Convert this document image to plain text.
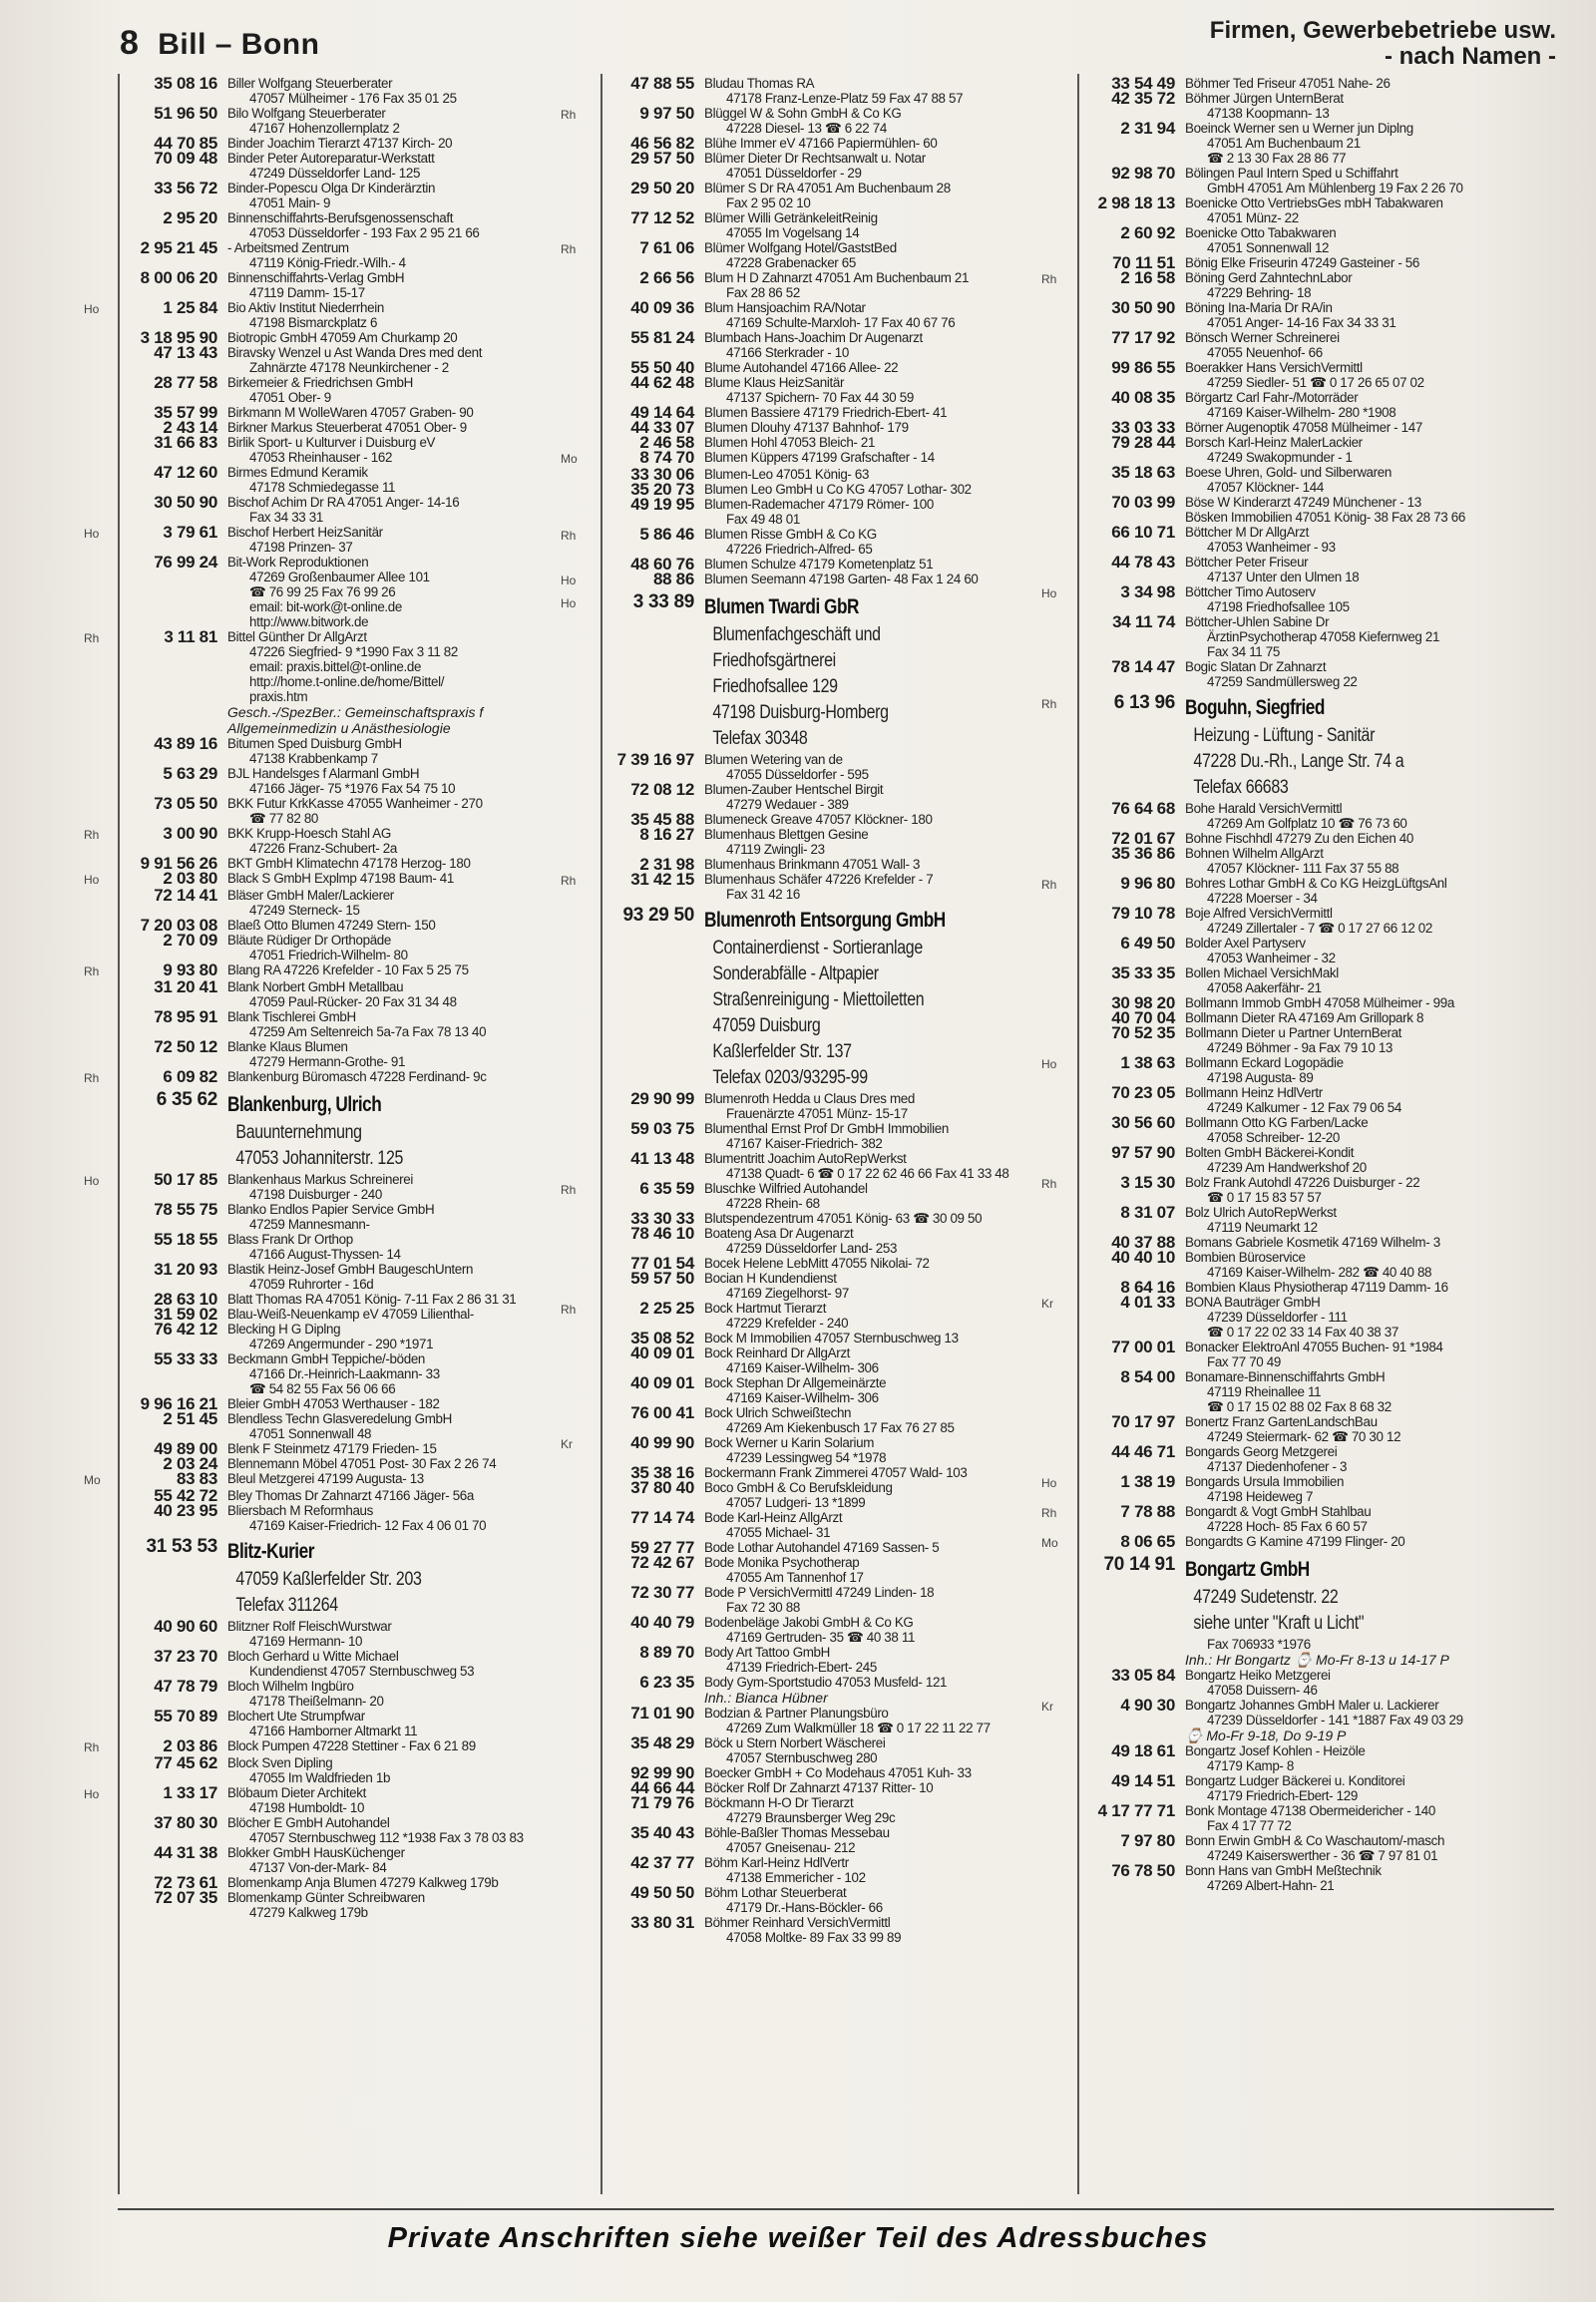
8 Bill – Bonn	Firmen, Gewerbebetriebe usw.
- nach Namen -
35 08 16 Biller Wolfgang Steuerberater
47057 Mülheimer - 176 Fax 35 01 25
51 96 50 Bilo Wolfgang Steuerberater
47167 Hohenzollernplatz 2
44 70 85 Binder Joachim Tierarzt 47137 Kirch- 20
70 09 48 Binder Peter Autoreparatur-Werkstatt
47249 Düsseldorfer Land- 125
33 56 72 Binder-Popescu Olga Dr Kinderärztin
47051 Main- 9
2 95 20 Binnenschiffahrts-Berufsgenossenschaft
47053 Düsseldorfer - 193 Fax 2 95 21 66
2 95 21 45 - Arbeitsmed Zentrum
47119 König-Friedr.-Wilh.- 4
8 00 06 20 Binnenschiffahrts-Verlag GmbH
47119 Damm- 15-17
Ho	1 25 84 Bio Aktiv Institut Niederrhein
47198 Bismarckplatz 6
3 18 95 90 Biotropic GmbH 47059 Am Churkamp 20
47 13 43 Biravsky Wenzel u Ast Wanda Dres med dent
Zahnärzte 47178 Neunkirchener - 2
28 77 58 Birkemeier & Friedrichsen GmbH
47051 Ober- 9
35 57 99 Birkmann M WolleWaren 47057 Graben- 90
2 43 14 Birkner Markus Steuerberat 47051 Ober- 9
31 66 83 Birlik Sport- u Kulturver i Duisburg eV
47053 Rheinhauser - 162
47 12 60 Birmes Edmund Keramik
47178 Schmiedegasse 11
30 50 90 Bischof Achim Dr RA 47051 Anger- 14-16
Fax 34 33 31
Ho	3 79 61 Bischof Herbert HeizSanitär
47198 Prinzen- 37
76 99 24 Bit-Work Reproduktionen
47269 Großenbaumer Allee 101
☎ 76 99 25 Fax 76 99 26
email: bit-work@t-online.de
http://www.bitwork.de
Rh	3 11 81 Bittel Günther Dr AllgArzt
47226 Siegfried- 9 *1990 Fax 3 11 82
email: praxis.bittel@t-online.de
http://home.t-online.de/home/Bittel/
praxis.htm
Gesch.-/SpezBer.: Gemeinschaftspraxis f
Allgemeinmedizin u Anästhesiologie
43 89 16 Bitumen Sped Duisburg GmbH
47138 Krabbenkamp 7
5 63 29 BJL Handelsges f Alarmanl GmbH
47166 Jäger- 75 *1976 Fax 54 75 10
73 05 50 BKK Futur KrkKasse 47055 Wanheimer - 270
☎ 77 82 80
Rh	3 00 90 BKK Krupp-Hoesch Stahl AG
47226 Franz-Schubert- 2a
9 91 56 26 BKT GmbH Klimatechn 47178 Herzog- 180
Ho	2 03 80 Black S GmbH Explmp 47198 Baum- 41
72 14 41 Bläser GmbH Maler/Lackierer
47249 Sterneck- 15
7 20 03 08 Blaeß Otto Blumen 47249 Stern- 150
2 70 09 Bläute Rüdiger Dr Orthopäde
47051 Friedrich-Wilhelm- 80
Rh	9 93 80 Blang RA 47226 Krefelder - 10 Fax 5 25 75
31 20 41 Blank Norbert GmbH Metallbau
47059 Paul-Rücker- 20 Fax 31 34 48
78 95 91 Blank Tischlerei GmbH
47259 Am Seltenreich 5a-7a Fax 78 13 40
72 50 12 Blanke Klaus Blumen
47279 Hermann-Grothe- 91
Rh	6 09 82 Blankenburg Büromasch 47228 Ferdinand- 9c
6 35 62 Blankenburg, Ulrich
Bauunternehmung
47053 Johanniterstr. 125
Ho	50 17 85 Blankenhaus Markus Schreinerei
47198 Duisburger - 240
78 55 75 Blanko Endlos Papier Service GmbH
47259 Mannesmann-
55 18 55 Blass Frank Dr Orthop
47166 August-Thyssen- 14
31 20 93 Blastik Heinz-Josef GmbH BaugeschUntern
47059 Ruhrorter - 16d
28 63 10 Blatt Thomas RA 47051 König- 7-11 Fax 2 86 31 31
31 59 02 Blau-Weiß-Neuenkamp eV 47059 Lilienthal-
76 42 12 Blecking H G Diplng
47269 Angermunder - 290 *1971
55 33 33 Beckmann GmbH Teppiche/-böden
47166 Dr.-Heinrich-Laakmann- 33
☎ 54 82 55 Fax 56 06 66
9 96 16 21 Bleier GmbH 47053 Werthauser - 182
2 51 45 Blendless Techn Glasveredelung GmbH
47051 Sonnenwall 48
49 89 00 Blenk F Steinmetz 47179 Frieden- 15
2 03 24 Blennemann Möbel 47051 Post- 30 Fax 2 26 74
Mo	83 83 Bleul Metzgerei 47199 Augusta- 13
55 42 72 Bley Thomas Dr Zahnarzt 47166 Jäger- 56a
40 23 95 Bliersbach M Reformhaus
47169 Kaiser-Friedrich- 12 Fax 4 06 01 70
31 53 53 Blitz-Kurier
47059 Kaßlerfelder Str. 203
Telefax 311264
40 90 60 Blitzner Rolf FleischWurstwar
47169 Hermann- 10
37 23 70 Bloch Gerhard u Witte Michael
Kundendienst 47057 Sternbuschweg 53
47 78 79 Bloch Wilhelm Ingbüro
47178 Theißelmann- 20
55 70 89 Blochert Ute Strumpfwar
47166 Hamborner Altmarkt 11
Rh	2 03 86 Block Pumpen 47228 Stettiner - Fax 6 21 89
77 45 62 Block Sven Dipling
47055 Im Waldfrieden 1b
Ho	1 33 17 Blöbaum Dieter Architekt
47198 Humboldt- 10
37 80 30 Blöcher E GmbH Autohandel
47057 Sternbuschweg 112 *1938 Fax 3 78 03 83
44 31 38 Blokker GmbH HausKüchenger
47137 Von-der-Mark- 84
72 73 61 Blomenkamp Anja Blumen 47279 Kalkweg 179b
72 07 35 Blomenkamp Günter Schreibwaren
47279 Kalkweg 179b
47 88 55 Bludau Thomas RA
47178 Franz-Lenze-Platz 59 Fax 47 88 57
Rh	9 97 50 Blüggel W & Sohn GmbH & Co KG
47228 Diesel- 13 ☎ 6 22 74
46 56 82 Blühe Immer eV 47166 Papiermühlen- 60
29 57 50 Blümer Dieter Dr Rechtsanwalt u. Notar
47051 Düsseldorfer - 29
29 50 20 Blümer S Dr RA 47051 Am Buchenbaum 28
Fax 2 95 02 10
77 12 52 Blümer Willi GetränkeleitReinig
47055 Im Vogelsang 14
Rh	7 61 06 Blümer Wolfgang Hotel/GaststBed
47228 Grabenacker 65
2 66 56 Blum H D Zahnarzt 47051 Am Buchenbaum 21
Fax 28 86 52
40 09 36 Blum Hansjoachim RA/Notar
47169 Schulte-Marxloh- 17 Fax 40 67 76
55 81 24 Blumbach Hans-Joachim Dr Augenarzt
47166 Sterkrader - 10
55 50 40 Blume Autohandel 47166 Allee- 22
44 62 48 Blume Klaus HeizSanitär
47137 Spichern- 70 Fax 44 30 59
49 14 64 Blumen Bassiere 47179 Friedrich-Ebert- 41
44 33 07 Blumen Dlouhy 47137 Bahnhof- 179
2 46 58 Blumen Hohl 47053 Bleich- 21
Mo	8 74 70 Blumen Küppers 47199 Grafschafter - 14
33 30 06 Blumen-Leo 47051 König- 63
35 20 73 Blumen Leo GmbH u Co KG 47057 Lothar- 302
49 19 95 Blumen-Rademacher 47179 Römer- 100
Fax 49 48 01
Rh	5 86 46 Blumen Risse GmbH & Co KG
47226 Friedrich-Alfred- 65
48 60 76 Blumen Schulze 47179 Kometenplatz 51
Ho	88 86 Blumen Seemann 47198 Garten- 48 Fax 1 24 60
Ho	3 33 89 Blumen Twardi GbR
Blumenfachgeschäft und
Friedhofsgärtnerei
Friedhofsallee 129
47198 Duisburg-Homberg
Telefax 30348
7 39 16 97 Blumen Wetering van de
47055 Düsseldorfer - 595
72 08 12 Blumen-Zauber Hentschel Birgit
47279 Wedauer - 389
35 45 88 Blumeneck Greave 47057 Klöckner- 180
8 16 27 Blumenhaus Blettgen Gesine
47119 Zwingli- 23
2 31 98 Blumenhaus Brinkmann 47051 Wall- 3
Rh	31 42 15 Blumenhaus Schäfer 47226 Krefelder - 7
Fax 31 42 16
93 29 50 Blumenroth Entsorgung GmbH
Containerdienst - Sortieranlage
Sonderabfälle - Altpapier
Straßenreinigung - Miettoiletten
47059 Duisburg
Kaßlerfelder Str. 137
Telefax 0203/93295-99
29 90 99 Blumenroth Hedda u Claus Dres med
Frauenärzte 47051 Münz- 15-17
59 03 75 Blumenthal Ernst Prof Dr GmbH Immobilien
47167 Kaiser-Friedrich- 382
41 13 48 Blumentritt Joachim AutoRepWerkst
47138 Quadt- 6 ☎ 0 17 22 62 46 66 Fax 41 33 48
Rh	6 35 59 Bluschke Wilfried Autohandel
47228 Rhein- 68
33 30 33 Blutspendezentrum 47051 König- 63 ☎ 30 09 50
78 46 10 Boateng Asa Dr Augenarzt
47259 Düsseldorfer Land- 253
77 01 54 Bocek Helene LebMitt 47055 Nikolai- 72
59 57 50 Bocian H Kundendienst
47169 Ziegelhorst- 97
Rh	2 25 25 Bock Hartmut Tierarzt
47229 Krefelder - 240
35 08 52 Bock M Immobilien 47057 Sternbuschweg 13
40 09 01 Bock Reinhard Dr AllgArzt
47169 Kaiser-Wilhelm- 306
40 09 01 Bock Stephan Dr Allgemeinärzte
47169 Kaiser-Wilhelm- 306
76 00 41 Bock Ulrich Schweißtechn
47269 Am Kiekenbusch 17 Fax 76 27 85
Kr	40 99 90 Bock Werner u Karin Solarium
47239 Lessingweg 54 *1978
35 38 16 Bockermann Frank Zimmerei 47057 Wald- 103
37 80 40 Boco GmbH & Co Berufskleidung
47057 Ludgeri- 13 *1899
77 14 74 Bode Karl-Heinz AllgArzt
47055 Michael- 31
59 27 77 Bode Lothar Autohandel 47169 Sassen- 5
72 42 67 Bode Monika Psychotherap
47055 Am Tannenhof 17
72 30 77 Bode P VersichVermittl 47249 Linden- 18
Fax 72 30 88
40 40 79 Bodenbeläge Jakobi GmbH & Co KG
47169 Gertruden- 35 ☎ 40 38 11
8 89 70 Body Art Tattoo GmbH
47139 Friedrich-Ebert- 245
6 23 35 Body Gym-Sportstudio 47053 Musfeld- 121
Inh.: Bianca Hübner
71 01 90 Bodzian & Partner Planungsbüro
47269 Zum Walkmüller 18 ☎ 0 17 22 11 22 77
35 48 29 Böck u Stern Norbert Wäscherei
47057 Sternbuschweg 280
92 99 90 Boecker GmbH + Co Modehaus 47051 Kuh- 33
44 66 44 Böcker Rolf Dr Zahnarzt 47137 Ritter- 10
71 79 76 Böckmann H-O Dr Tierarzt
47279 Braunsberger Weg 29c
35 40 43 Böhle-Baßler Thomas Messebau
47057 Gneisenau- 212
42 37 77 Böhm Karl-Heinz HdlVertr
47138 Emmericher - 102
49 50 50 Böhm Lothar Steuerberat
47179 Dr.-Hans-Böckler- 66
33 80 31 Böhmer Reinhard VersichVermittl
47058 Moltke- 89 Fax 33 99 89
33 54 49 Böhmer Ted Friseur 47051 Nahe- 26
42 35 72 Böhmer Jürgen UnternBerat
47138 Koopmann- 13
2 31 94 Boeinck Werner sen u Werner jun Diplng
47051 Am Buchenbaum 21
☎ 2 13 30 Fax 28 86 77
92 98 70 Bölingen Paul Intern Sped u Schiffahrt
GmbH 47051 Am Mühlenberg 19 Fax 2 26 70
2 98 18 13 Boenicke Otto VertriebsGes mbH Tabakwaren
47051 Münz- 22
2 60 92 Boenicke Otto Tabakwaren
47051 Sonnenwall 12
70 11 51 Bönig Elke Friseurin 47249 Gasteiner - 56
Rh	2 16 58 Böning Gerd ZahntechnLabor
47229 Behring- 18
30 50 90 Böning Ina-Maria Dr RA/in
47051 Anger- 14-16 Fax 34 33 31
77 17 92 Bönsch Werner Schreinerei
47055 Neuenhof- 66
99 86 55 Boerakker Hans VersichVermittl
47259 Siedler- 51 ☎ 0 17 26 65 07 02
40 08 35 Börgartz Carl Fahr-/Motorräder
47169 Kaiser-Wilhelm- 280 *1908
33 03 33 Börner Augenoptik 47058 Mülheimer - 147
79 28 44 Borsch Karl-Heinz MalerLackier
47249 Swakopmunder - 1
35 18 63 Boese Uhren, Gold- und Silberwaren
47057 Klöckner- 144
70 03 99 Böse W Kinderarzt 47249 Münchener - 13
Bösken Immobilien 47051 König- 38 Fax 28 73 66
66 10 71 Böttcher M Dr AllgArzt
47053 Wanheimer - 93
44 78 43 Böttcher Peter Friseur
47137 Unter den Ulmen 18
Ho	3 34 98 Böttcher Timo Autoserv
47198 Friedhofsallee 105
34 11 74 Böttcher-Uhlen Sabine Dr
ÄrztinPsychotherap 47058 Kiefernweg 21
Fax 34 11 75
78 14 47 Bogic Slatan Dr Zahnarzt
47259 Sandmüllersweg 22
Rh	6 13 96 Boguhn, Siegfried
Heizung - Lüftung - Sanitär
47228 Du.-Rh., Lange Str. 74 a
Telefax 66683
76 64 68 Bohe Harald VersichVermittl
47269 Am Golfplatz 10 ☎ 76 73 60
72 01 67 Bohne Fischhdl 47279 Zu den Eichen 40
35 36 86 Bohnen Wilhelm AllgArzt
47057 Klöckner- 111 Fax 37 55 88
Rh	9 96 80 Bohres Lothar GmbH & Co KG HeizgLüftgsAnl
47228 Moerser - 34
79 10 78 Boje Alfred VersichVermittl
47249 Zillertaler - 7 ☎ 0 17 27 66 12 02
6 49 50 Bolder Axel Partyserv
47053 Wanheimer - 32
35 33 35 Bollen Michael VersichMakl
47058 Aakerfähr- 21
30 98 20 Bollmann Immob GmbH 47058 Mülheimer - 99a
40 70 04 Bollmann Dieter RA 47169 Am Grillopark 8
70 52 35 Bollmann Dieter u Partner UnternBerat
47249 Böhmer - 9a Fax 79 10 13
Ho	1 38 63 Bollmann Eckard Logopädie
47198 Augusta- 89
70 23 05 Bollmann Heinz HdlVertr
47249 Kalkumer - 12 Fax 79 06 54
30 56 60 Bollmann Otto KG Farben/Lacke
47058 Schreiber- 12-20
97 57 90 Bolten GmbH Bäckerei-Kondit
47239 Am Handwerkshof 20
Rh	3 15 30 Bolz Frank Autohdl 47226 Duisburger - 22
☎ 0 17 15 83 57 57
8 31 07 Bolz Ulrich AutoRepWerkst
47119 Neumarkt 12
40 37 88 Bomans Gabriele Kosmetik 47169 Wilhelm- 3
40 40 10 Bombien Büroservice
47169 Kaiser-Wilhelm- 282 ☎ 40 40 88
8 64 16 Bombien Klaus Physiotherap 47119 Damm- 16
Kr	4 01 33 BONA Bauträger GmbH
47239 Düsseldorfer - 111
☎ 0 17 22 02 33 14 Fax 40 38 37
77 00 01 Bonacker ElektroAnl 47055 Buchen- 91 *1984
Fax 77 70 49
8 54 00 Bonamare-Binnenschiffahrts GmbH
47119 Rheinallee 11
☎ 0 17 15 02 88 02 Fax 8 68 32
70 17 97 Bonertz Franz GartenLandschBau
47249 Steiermark- 62 ☎ 70 30 12
44 46 71 Bongards Georg Metzgerei
47137 Diedenhofener - 3
Ho	1 38 19 Bongards Ursula Immobilien
47198 Heideweg 7
Rh	7 78 88 Bongardt & Vogt GmbH Stahlbau
47228 Hoch- 85 Fax 6 60 57
Mo	8 06 65 Bongardts G Kamine 47199 Flinger- 20
70 14 91 Bongartz GmbH
47249 Sudetenstr. 22
siehe unter "Kraft u Licht"
Fax 706933 *1976
Inh.: Hr Bongartz ⌚ Mo-Fr 8-13 u 14-17 P
33 05 84 Bongartz Heiko Metzgerei
47058 Duissern- 46
Kr	4 90 30 Bongartz Johannes GmbH Maler u. Lackierer
47239 Düsseldorfer - 141 *1887 Fax 49 03 29
⌚ Mo-Fr 9-18, Do 9-19 P
49 18 61 Bongartz Josef Kohlen - Heizöle
47179 Kamp- 8
49 14 51 Bongartz Ludger Bäckerei u. Konditorei
47179 Friedrich-Ebert- 129
4 17 77 71 Bonk Montage 47138 Obermeidericher - 140
Fax 4 17 77 72
7 97 80 Bonn Erwin GmbH & Co Waschautom/-masch
47249 Kaiserswerther - 36 ☎ 7 97 81 01
76 78 50 Bonn Hans van GmbH Meßtechnik
47269 Albert-Hahn- 21
Private Anschriften siehe weißer Teil des Adressbuches
